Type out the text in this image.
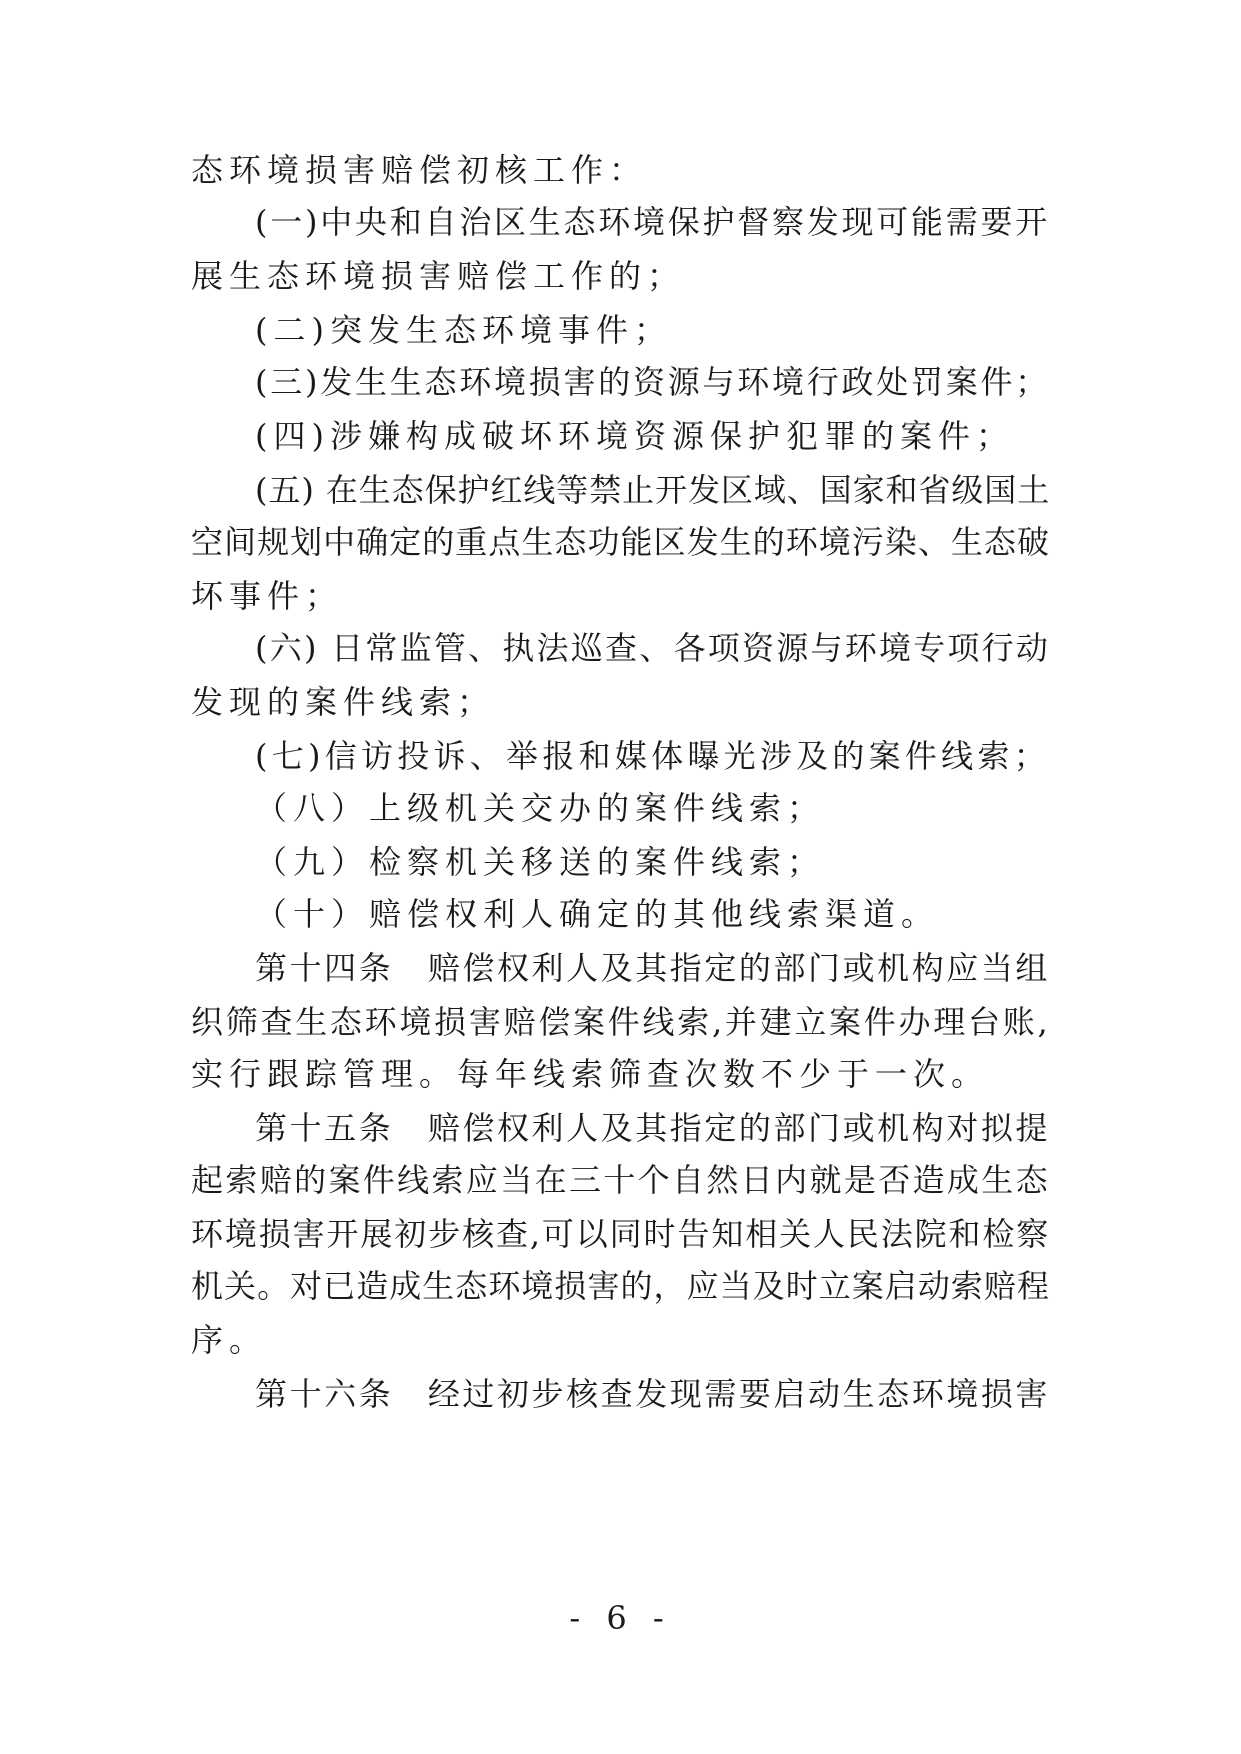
态环境损害赔偿初核工作：
(一)中央和自治区生态环境保护督察发现可能需要开
展生态环境损害赔偿工作的；
(二)突发生态环境事件；
(三)发生生态环境损害的资源与环境行政处罚案件；
(四)涉嫌构成破坏环境资源保护犯罪的案件；
(五) 在生态保护红线等禁止开发区域、国家和省级国土
空间规划中确定的重点生态功能区发生的环境污染、生态破
坏事件；
(六) 日常监管、执法巡查、各项资源与环境专项行动
发现的案件线索；
(七)信访投诉、举报和媒体曝光涉及的案件线索；
（八）上级机关交办的案件线索；
（九）检察机关移送的案件线索；
（十）赔偿权利人确定的其他线索渠道。
第十四条　赔偿权利人及其指定的部门或机构应当组
织筛查生态环境损害赔偿案件线索,并建立案件办理台账,
实行跟踪管理。每年线索筛查次数不少于一次。
第十五条　赔偿权利人及其指定的部门或机构对拟提
起索赔的案件线索应当在三十个自然日内就是否造成生态
环境损害开展初步核查,可以同时告知相关人民法院和检察
机关。对已造成生态环境损害的，应当及时立案启动索赔程
序。
第十六条　经过初步核查发现需要启动生态环境损害
- 6 -
